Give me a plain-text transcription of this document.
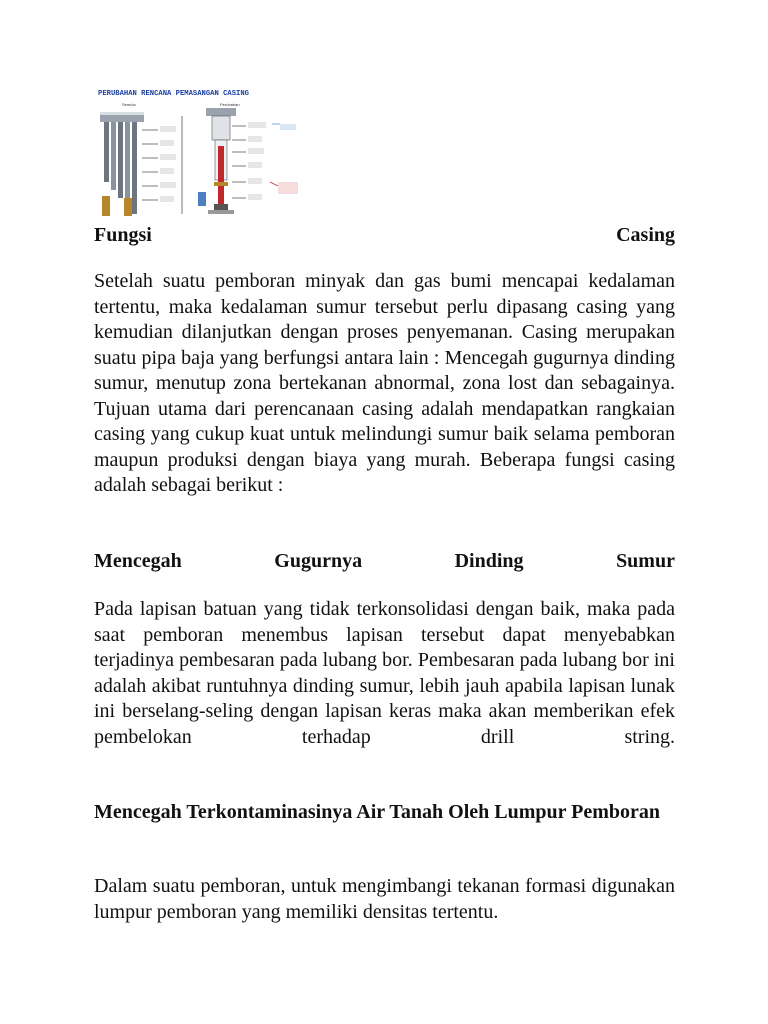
PERUBAHAN RENCANA PEMASANGAN CASING
Semula	Perubahan
Fungsi	Casing

Setelah suatu pemboran minyak dan gas bumi mencapai kedalaman tertentu, maka kedalaman sumur tersebut perlu dipasang casing yang kemudian dilanjutkan dengan proses penyemanan. Casing merupakan suatu pipa baja yang berfungsi antara lain : Mencegah gugurnya dinding sumur, menutup zona bertekanan abnormal, zona lost dan sebagainya. Tujuan utama dari perencanaan casing adalah mendapatkan rangkaian casing yang cukup kuat untuk melindungi sumur baik selama pemboran maupun produksi dengan biaya yang murah. Beberapa fungsi casing adalah sebagai berikut :

Mencegah	Gugurnya	Dinding	Sumur

Pada lapisan batuan yang tidak terkonsolidasi dengan baik, maka pada saat pemboran menembus lapisan tersebut dapat menyebabkan terjadinya pembesaran pada lubang bor. Pembesaran pada lubang bor ini adalah akibat runtuhnya dinding sumur, lebih jauh apabila lapisan lunak ini berselang-seling dengan lapisan keras maka akan memberikan efek pembelokan terhadap drill string.

Mencegah Terkontaminasinya Air Tanah Oleh Lumpur Pemboran

Dalam suatu pemboran, untuk mengimbangi tekanan formasi digunakan lumpur pemboran yang memiliki densitas tertentu.
